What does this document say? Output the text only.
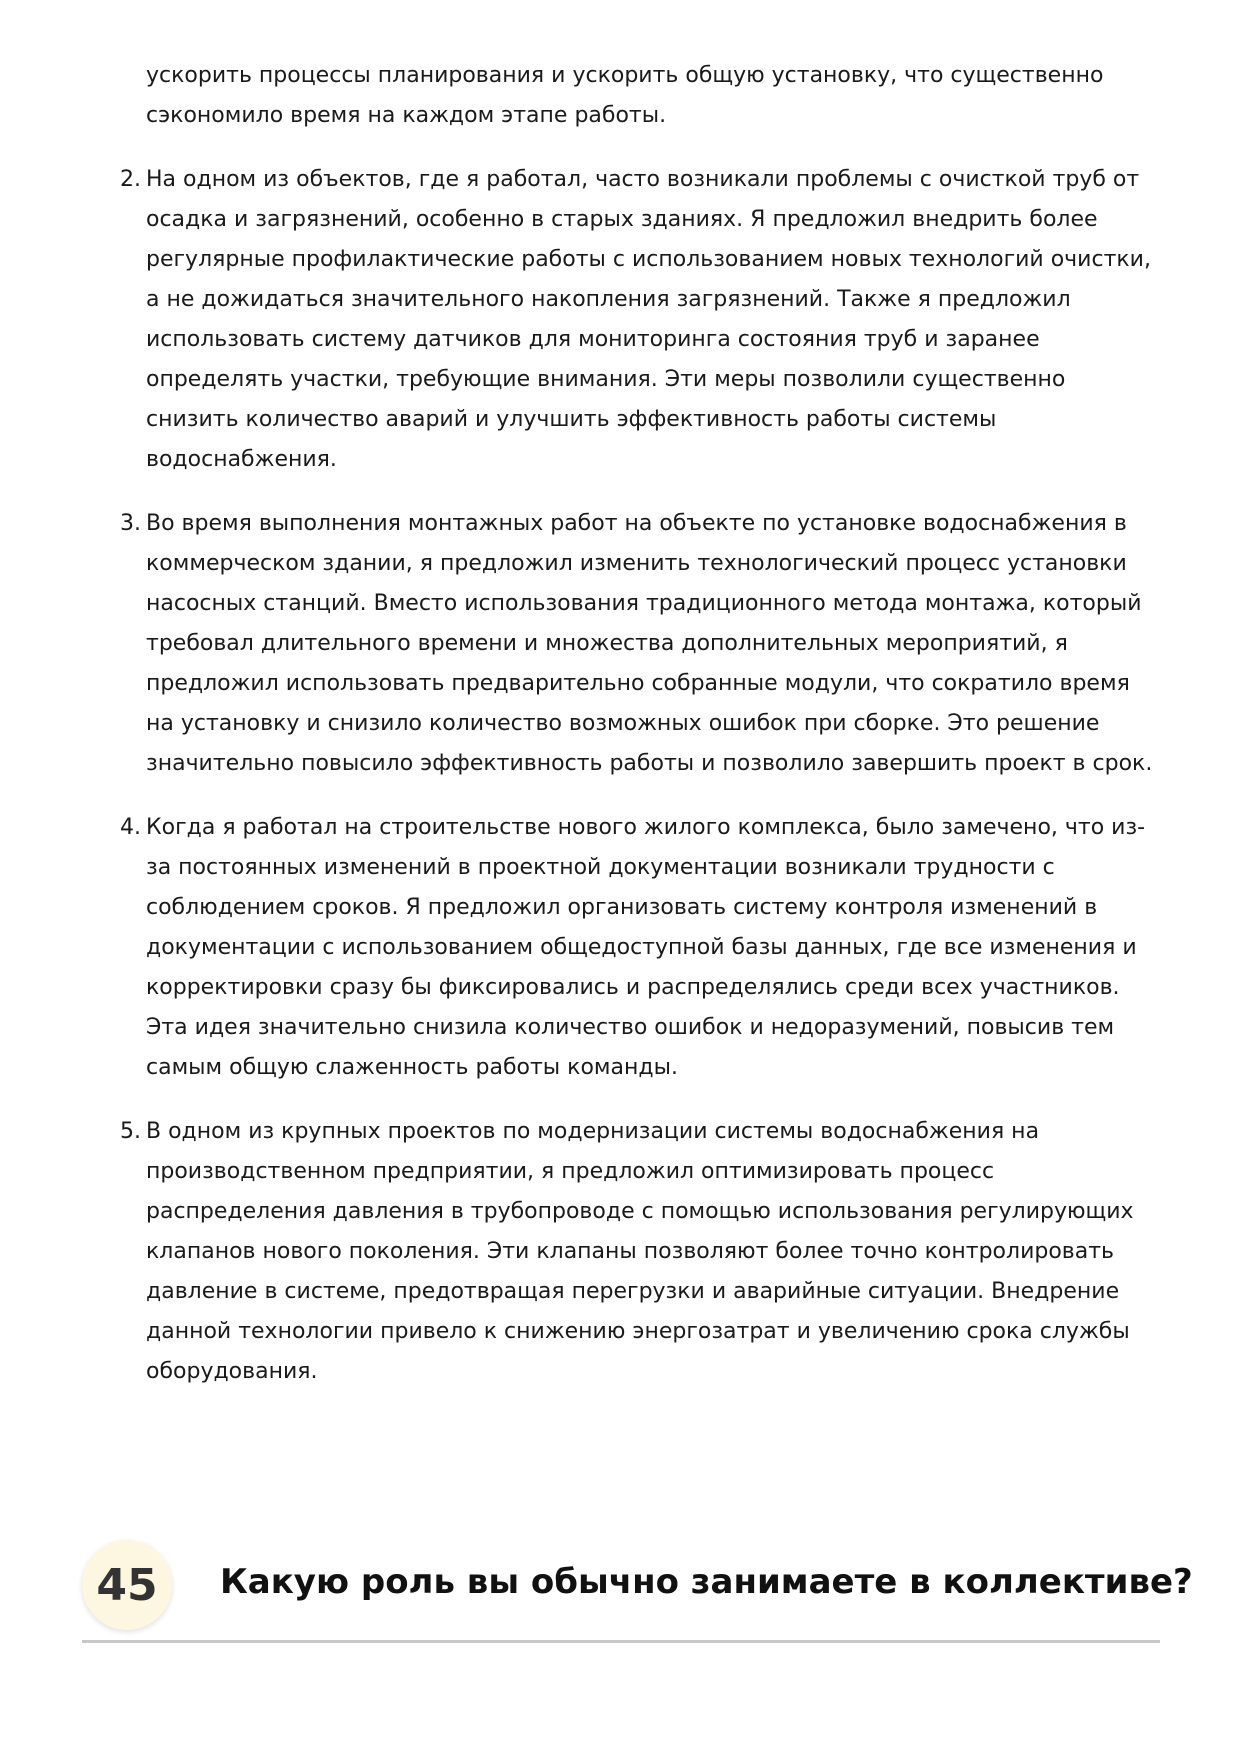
ускорить процессы планирования и ускорить общую установку, что существенно сэкономило время на каждом этапе работы.

2. На одном из объектов, где я работал, часто возникали проблемы с очисткой труб от осадка и загрязнений, особенно в старых зданиях. Я предложил внедрить более регулярные профилактические работы с использованием новых технологий очистки, а не дожидаться значительного накопления загрязнений. Также я предложил использовать систему датчиков для мониторинга состояния труб и заранее определять участки, требующие внимания. Эти меры позволили существенно снизить количество аварий и улучшить эффективность работы системы водоснабжения.
3. Во время выполнения монтажных работ на объекте по установке водоснабжения в коммерческом здании, я предложил изменить технологический процесс установки насосных станций. Вместо использования традиционного метода монтажа, который требовал длительного времени и множества дополнительных мероприятий, я предложил использовать предварительно собранные модули, что сократило время на установку и снизило количество возможных ошибок при сборке. Это решение значительно повысило эффективность работы и позволило завершить проект в срок.
4. Когда я работал на строительстве нового жилого комплекса, было замечено, что из-за постоянных изменений в проектной документации возникали трудности с соблюдением сроков. Я предложил организовать систему контроля изменений в документации с использованием общедоступной базы данных, где все изменения и корректировки сразу бы фиксировались и распределялись среди всех участников. Эта идея значительно снизила количество ошибок и недоразумений, повысив тем самым общую слаженность работы команды.
5. В одном из крупных проектов по модернизации системы водоснабжения на производственном предприятии, я предложил оптимизировать процесс распределения давления в трубопроводе с помощью использования регулирующих клапанов нового поколения. Эти клапаны позволяют более точно контролировать давление в системе, предотвращая перегрузки и аварийные ситуации. Внедрение данной технологии привело к снижению энергозатрат и увеличению срока службы оборудования.
45	Какую роль вы обычно занимаете в коллективе?
